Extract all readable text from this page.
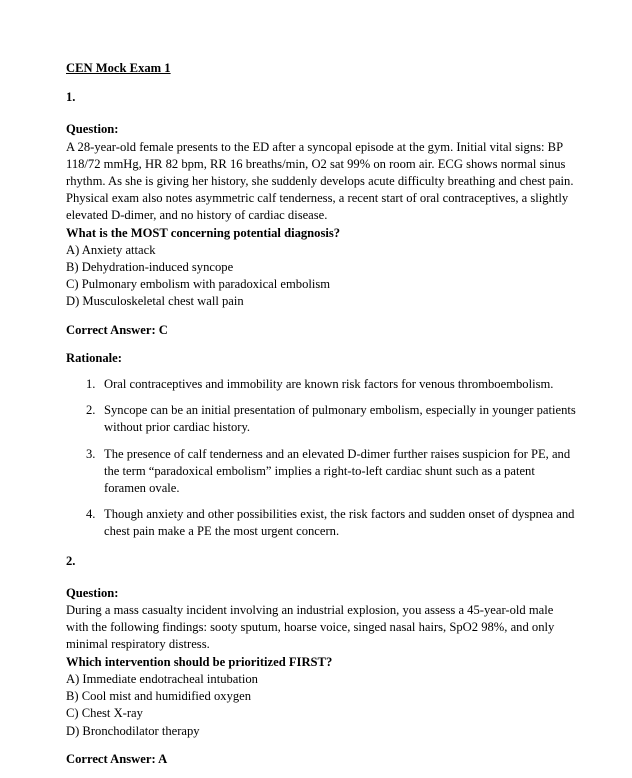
CEN Mock Exam 1

1.
Question:

A 28-year-old female presents to the ED after a syncopal episode at the gym. Initial vital signs: BP 118/72 mmHg, HR 82 bpm, RR 16 breaths/min, O2 sat 99% on room air. ECG shows normal sinus rhythm. As she is giving her history, she suddenly develops acute difficulty breathing and chest pain. Physical exam also notes asymmetric calf tenderness, a recent start of oral contraceptives, a slightly elevated D-dimer, and no history of cardiac disease.

What is the MOST concerning potential diagnosis?

A) Anxiety attack

B) Dehydration-induced syncope

C) Pulmonary embolism with paradoxical embolism

D) Musculoskeletal chest wall pain

Correct Answer: C
Rationale:
1. Oral contraceptives and immobility are known risk factors for venous thromboembolism.
2. Syncope can be an initial presentation of pulmonary embolism, especially in younger patients without prior cardiac history.
3. The presence of calf tenderness and an elevated D-dimer further raises suspicion for PE, and the term “paradoxical embolism” implies a right-to-left cardiac shunt such as a patent foramen ovale.
4. Though anxiety and other possibilities exist, the risk factors and sudden onset of dyspnea and chest pain make a PE the most urgent concern.
2.
Question:

During a mass casualty incident involving an industrial explosion, you assess a 45-year-old male with the following findings: sooty sputum, hoarse voice, singed nasal hairs, SpO2 98%, and only minimal respiratory distress.

Which intervention should be prioritized FIRST?

A) Immediate endotracheal intubation

B) Cool mist and humidified oxygen

C) Chest X-ray

D) Bronchodilator therapy

Correct Answer: A
